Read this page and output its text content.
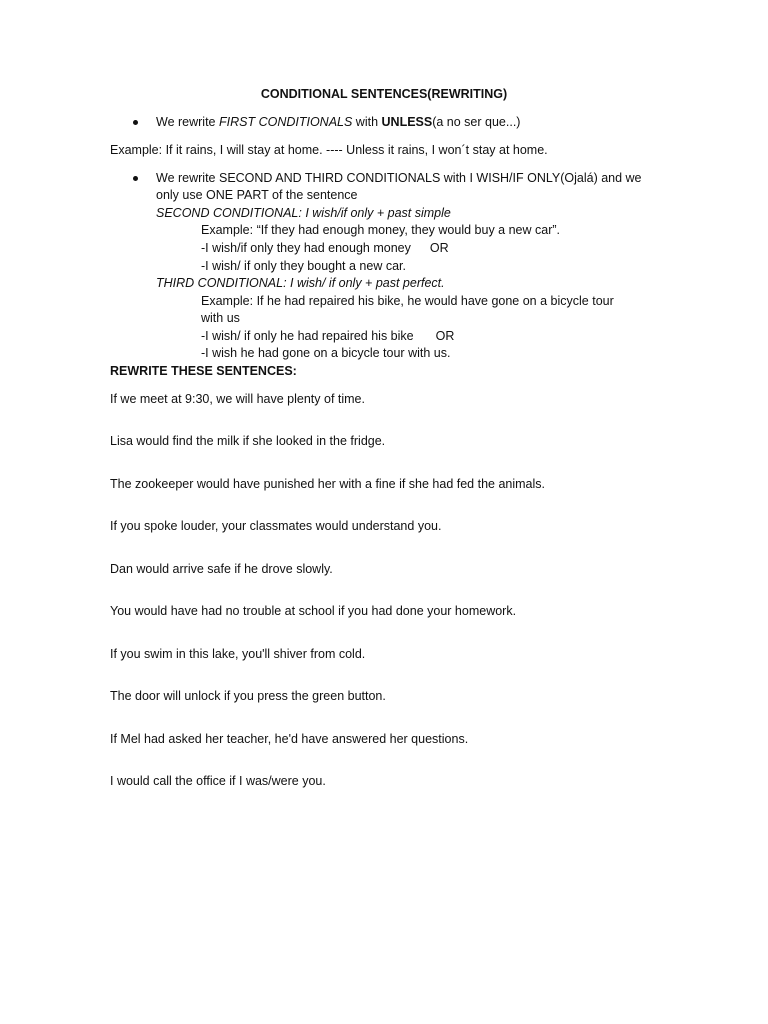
CONDITIONAL SENTENCES(REWRITING)
We rewrite FIRST CONDITIONALS with UNLESS(a no ser que...)
Example: If it rains, I will stay at home. ---- Unless it rains, I won´t stay at home.
We rewrite SECOND AND THIRD CONDITIONALS with I WISH/IF ONLY(Ojalá) and we
only use ONE PART of the sentence
SECOND CONDITIONAL: I wish/if only + past simple
Example: “If they had enough money, they would buy a new car”.
-I wish/if only they had enough money OR
-I wish/ if only they bought a new car.
THIRD CONDITIONAL: I wish/ if only + past perfect.
Example: If he had repaired his bike, he would have gone on a bicycle tour
with us
-I wish/ if only he had repaired his bike OR
-I wish he had gone on a bicycle tour with us.
REWRITE THESE SENTENCES:
If we meet at 9:30, we will have plenty of time.
Lisa would find the milk if she looked in the fridge.
The zookeeper would have punished her with a fine if she had fed the animals.
If you spoke louder, your classmates would understand you.
Dan would arrive safe if he drove slowly.
You would have had no trouble at school if you had done your homework.
If you swim in this lake, you'll shiver from cold.
The door will unlock if you press the green button.
If Mel had asked her teacher, he'd have answered her questions.
I would call the office if I was/were you.
